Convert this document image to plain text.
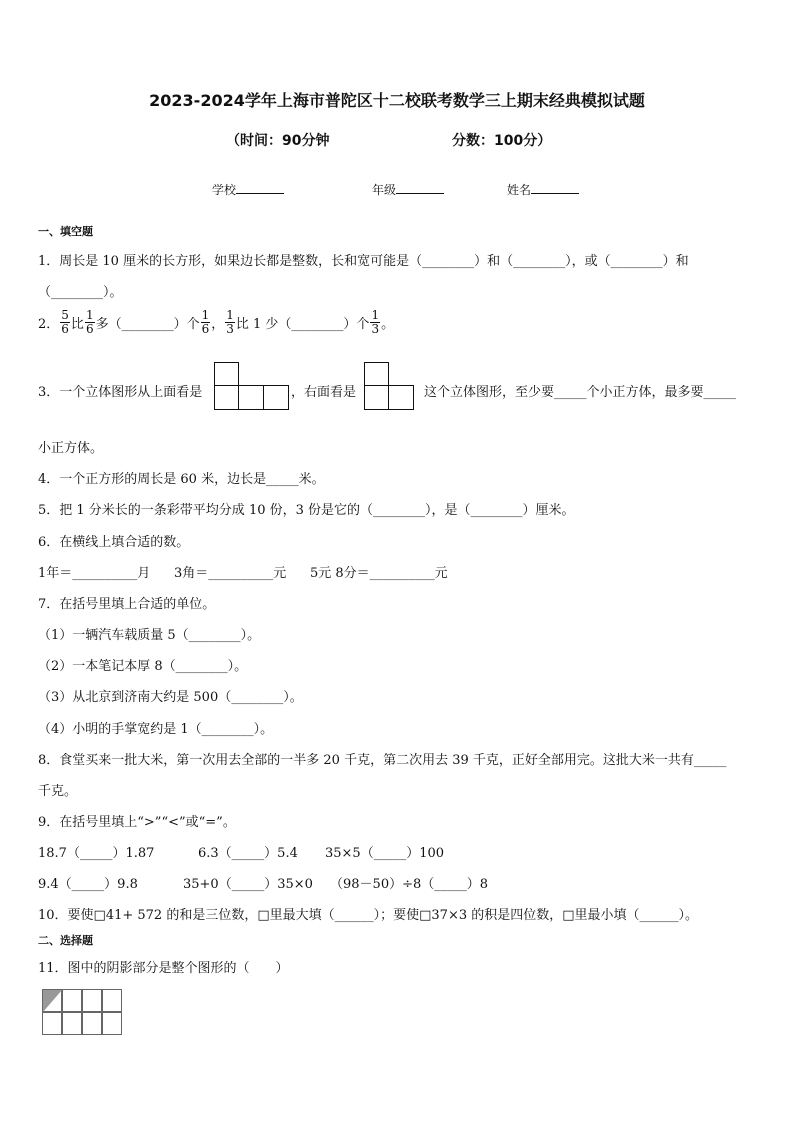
2023-2024学年上海市普陀区十二校联考数学三上期末经典模拟试题
（时间：90分钟	分数：100分）
学校	年级	姓名
一、填空题
1．周长是 10 厘米的长方形，如果边长都是整数，长和宽可能是（________）和（________），或（________）和
（________）。
2． $\frac{5}{6}$ 比 $\frac{1}{6}$ 多（________）个 $\frac{1}{6}$ ， $\frac{1}{3}$ 比 1 少（________）个 $\frac{1}{3}$ 。
3．一个立体图形从上面看是	，右面看是	这个立体图形，至少要_____个小正方体，最多要_____
小正方体。
4．一个正方形的周长是 60 米，边长是_____米。
5．把 1 分米长的一条彩带平均分成 10 份，3 份是它的（________），是（________）厘米。
6．在横线上填合适的数。
1年＝__________月 3角＝__________元 5元 8分＝__________元
7．在括号里填上合适的单位。
（1）一辆汽车载质量 5（________）。
（2）一本笔记本厚 8（________）。
（3）从北京到济南大约是 500（________）。
（4）小明的手掌宽约是 1（________）。
8．食堂买来一批大米，第一次用去全部的一半多 20 千克，第二次用去 39 千克，正好全部用完。这批大米一共有_____
千克。
9．在括号里填上“>”“<”或“=”。
18.7（_____）1.87	6.3（_____）5.4 35×5（_____）100
9.4（_____）9.8	35+0（_____）35×0 （98－50）÷8（_____）8
10．要使□41+ 572 的和是三位数，□里最大填（______）；要使□37×3 的积是四位数，□里最小填（______）。
二、选择题
11．图中的阴影部分是整个图形的（　　）
